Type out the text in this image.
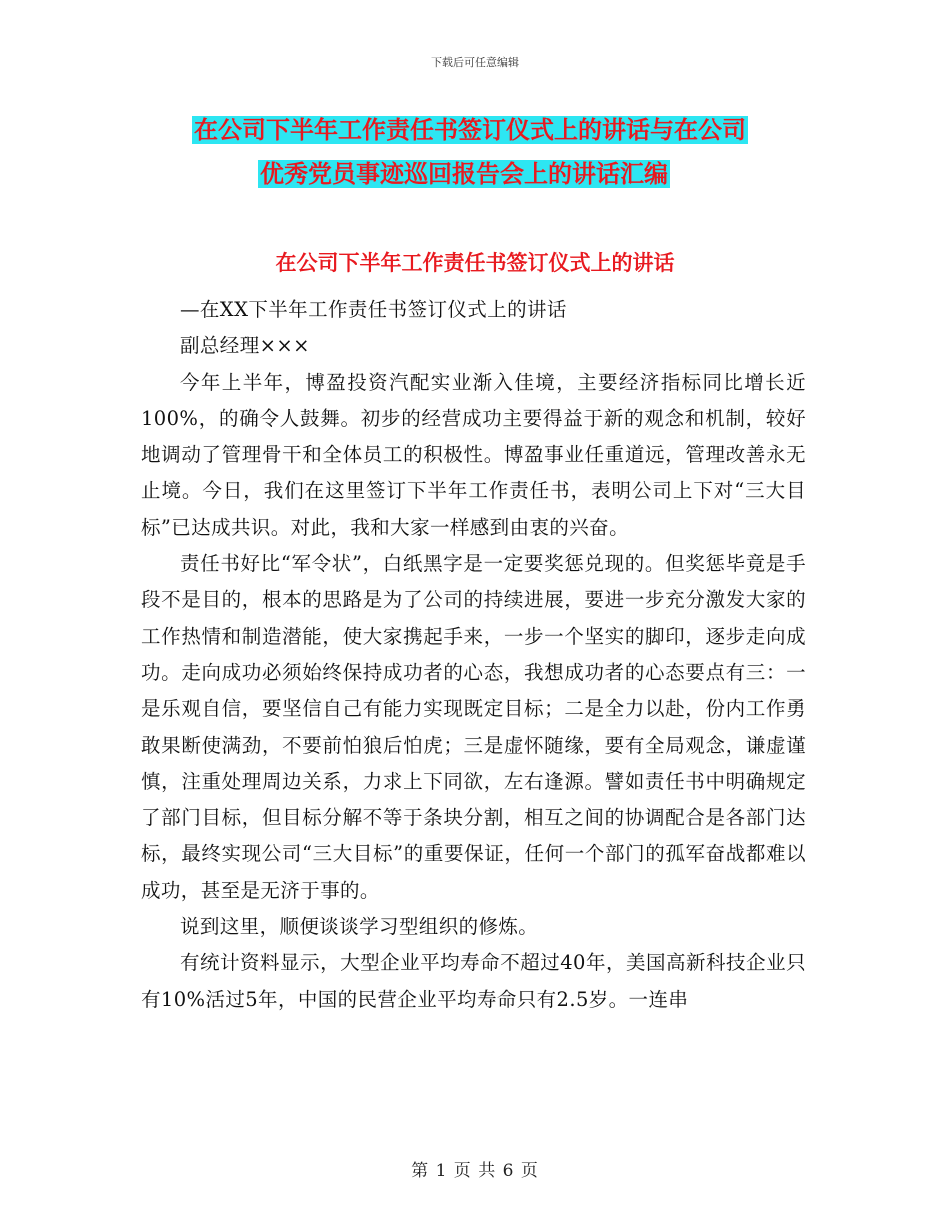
下载后可任意编辑
在公司下半年工作责任书签订仪式上的讲话与在公司
优秀党员事迹巡回报告会上的讲话汇编
在公司下半年工作责任书签订仪式上的讲话

—在XX下半年工作责任书签订仪式上的讲话

副总经理×××

今年上半年，博盈投资汽配实业渐入佳境，主要经济指标同比增长近100%，的确令人鼓舞。初步的经营成功主要得益于新的观念和机制，较好地调动了管理骨干和全体员工的积极性。博盈事业任重道远，管理改善永无止境。今日，我们在这里签订下半年工作责任书，表明公司上下对“三大目标”已达成共识。对此，我和大家一样感到由衷的兴奋。

责任书好比“军令状”，白纸黑字是一定要奖惩兑现的。但奖惩毕竟是手段不是目的，根本的思路是为了公司的持续进展，要进一步充分激发大家的工作热情和制造潜能，使大家携起手来，一步一个坚实的脚印，逐步走向成功。走向成功必须始终保持成功者的心态，我想成功者的心态要点有三：一是乐观自信，要坚信自己有能力实现既定目标；二是全力以赴，份内工作勇敢果断使满劲，不要前怕狼后怕虎；三是虚怀随缘，要有全局观念，谦虚谨慎，注重处理周边关系，力求上下同欲，左右逢源。譬如责任书中明确规定了部门目标，但目标分解不等于条块分割，相互之间的协调配合是各部门达标，最终实现公司“三大目标”的重要保证，任何一个部门的孤军奋战都难以成功，甚至是无济于事的。

说到这里，顺便谈谈学习型组织的修炼。

有统计资料显示，大型企业平均寿命不超过40年，美国高新科技企业只有10%活过5年，中国的民营企业平均寿命只有2.5岁。一连串

第 1 页 共 6 页
